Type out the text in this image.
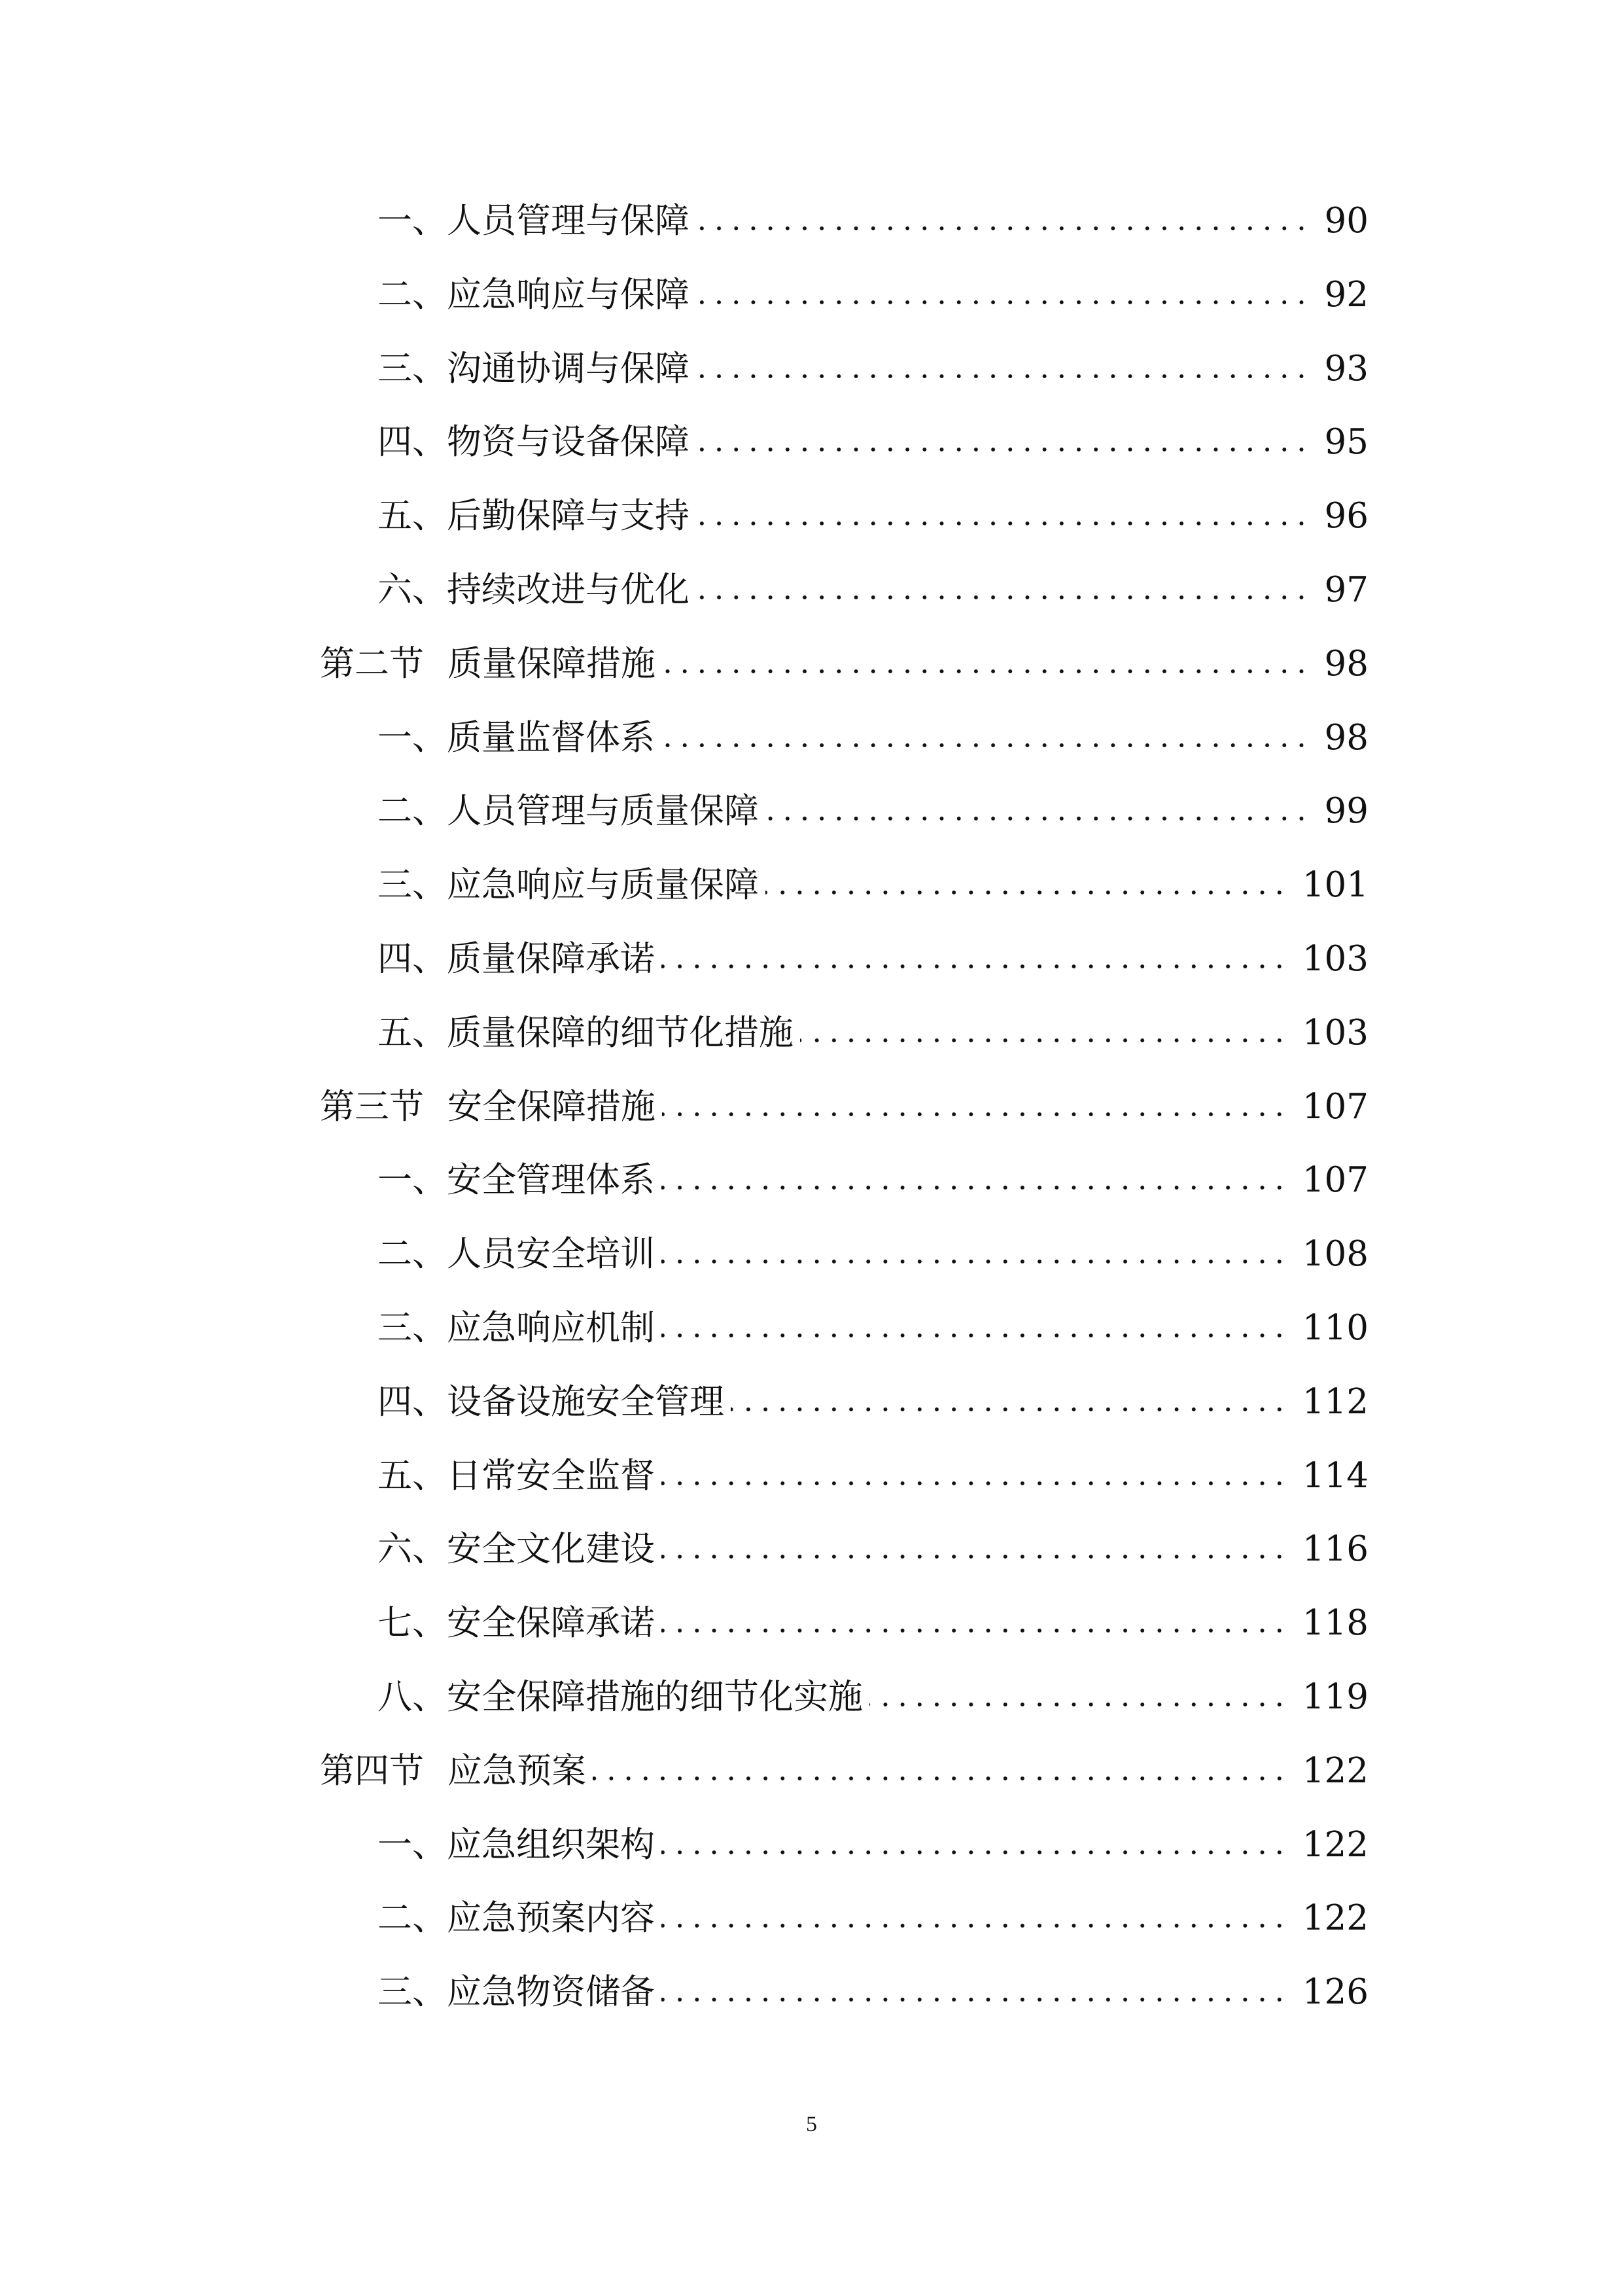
一、 人员管理与保障	90
二、 应急响应与保障	92
三、 沟通协调与保障	93
四、 物资与设备保障	95
五、 后勤保障与支持	96
六、 持续改进与优化	97
第二节 质量保障措施	98
一、 质量监督体系	98
二、 人员管理与质量保障	99
三、 应急响应与质量保障	101
四、 质量保障承诺	103
五、 质量保障的细节化措施	103
第三节 安全保障措施	107
一、 安全管理体系	107
二、 人员安全培训	108
三、 应急响应机制	110
四、 设备设施安全管理	112
五、 日常安全监督	114
六、 安全文化建设	116
七、 安全保障承诺	118
八、 安全保障措施的细节化实施	119
第四节 应急预案	122
一、 应急组织架构	122
二、 应急预案内容	122
三、 应急物资储备	126
5
